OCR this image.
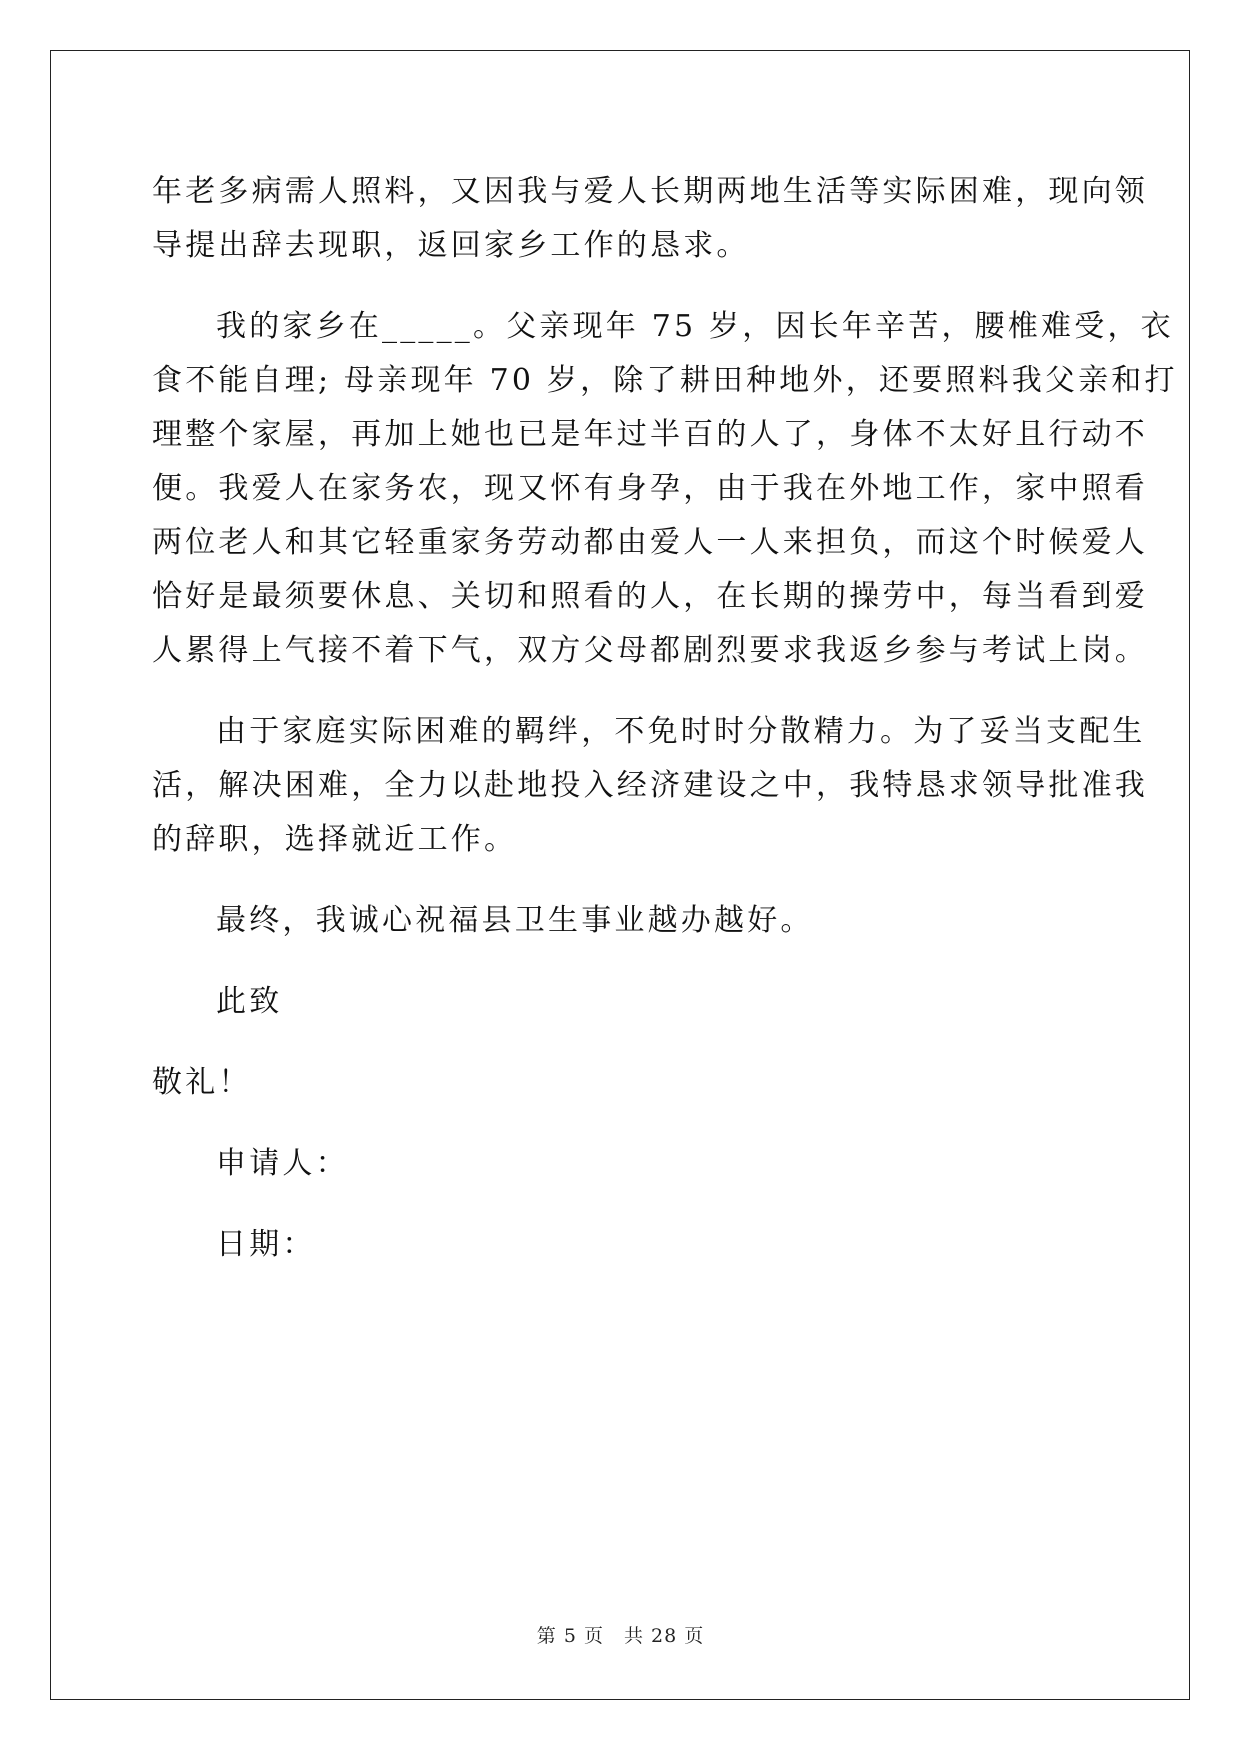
年老多病需人照料，又因我与爱人长期两地生活等实际困难，现向领

导提出辞去现职，返回家乡工作的恳求。

我的家乡在_____。父亲现年 75 岁，因长年辛苦，腰椎难受，衣

食不能自理; 母亲现年 70 岁，除了耕田种地外，还要照料我父亲和打

理整个家屋，再加上她也已是年过半百的人了，身体不太好且行动不

便。我爱人在家务农，现又怀有身孕，由于我在外地工作，家中照看

两位老人和其它轻重家务劳动都由爱人一人来担负，而这个时候爱人

恰好是最须要休息、关切和照看的人，在长期的操劳中，每当看到爱

人累得上气接不着下气，双方父母都剧烈要求我返乡参与考试上岗。

由于家庭实际困难的羁绊，不免时时分散精力。为了妥当支配生

活，解决困难，全力以赴地投入经济建设之中，我特恳求领导批准我

的辞职，选择就近工作。

最终，我诚心祝福县卫生事业越办越好。

此致

敬礼！

申请人：

日期：

第 5 页　共 28 页
